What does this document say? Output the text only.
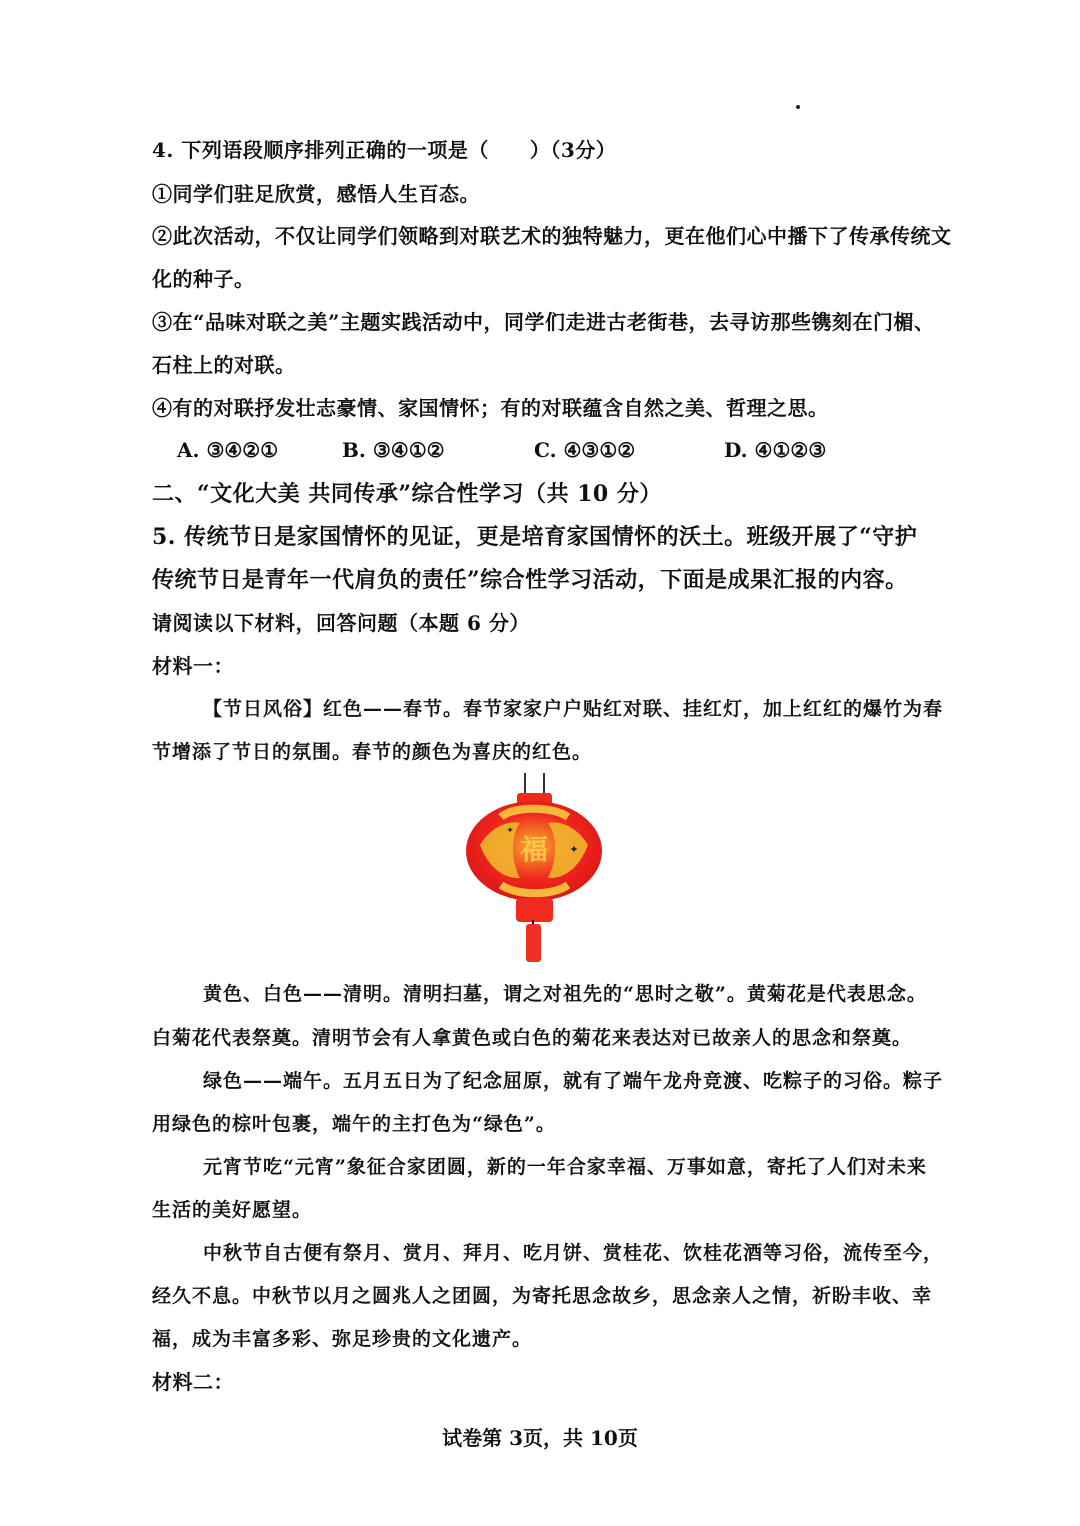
4. 下列语段顺序排列正确的一项是（　　）（3分）
①同学们驻足欣赏，感悟人生百态。
②此次活动，不仅让同学们领略到对联艺术的独特魅力，更在他们心中播下了传承传统文
化的种子。
③在“品味对联之美”主题实践活动中，同学们走进古老街巷，去寻访那些镌刻在门楣、
石柱上的对联。
④有的对联抒发壮志豪情、家国情怀；有的对联蕴含自然之美、哲理之思。
A. ③④②①	B. ③④①②	C. ④③①②	D. ④①②③
二、“文化大美 共同传承”综合性学习（共 10 分）
5. 传统节日是家国情怀的见证，更是培育家国情怀的沃土。班级开展了“守护
传统节日是青年一代肩负的责任”综合性学习活动，下面是成果汇报的内容。
请阅读以下材料，回答问题（本题 6 分）
材料一：
【节日风俗】红色——春节。春节家家户户贴红对联、挂红灯，加上红红的爆竹为春
节增添了节日的氛围。春节的颜色为喜庆的红色。
福 ✦
✦
黄色、白色——清明。清明扫墓，谓之对祖先的“思时之敬”。黄菊花是代表思念。
白菊花代表祭奠。清明节会有人拿黄色或白色的菊花来表达对已故亲人的思念和祭奠。
绿色——端午。五月五日为了纪念屈原，就有了端午龙舟竞渡、吃粽子的习俗。粽子
用绿色的棕叶包裹，端午的主打色为“绿色”。
元宵节吃“元宵”象征合家团圆，新的一年合家幸福、万事如意，寄托了人们对未来
生活的美好愿望。
中秋节自古便有祭月、赏月、拜月、吃月饼、赏桂花、饮桂花酒等习俗，流传至今，
经久不息。中秋节以月之圆兆人之团圆，为寄托思念故乡，思念亲人之情，祈盼丰收、幸
福，成为丰富多彩、弥足珍贵的文化遗产。
材料二：
试卷第 3页，共 10页
